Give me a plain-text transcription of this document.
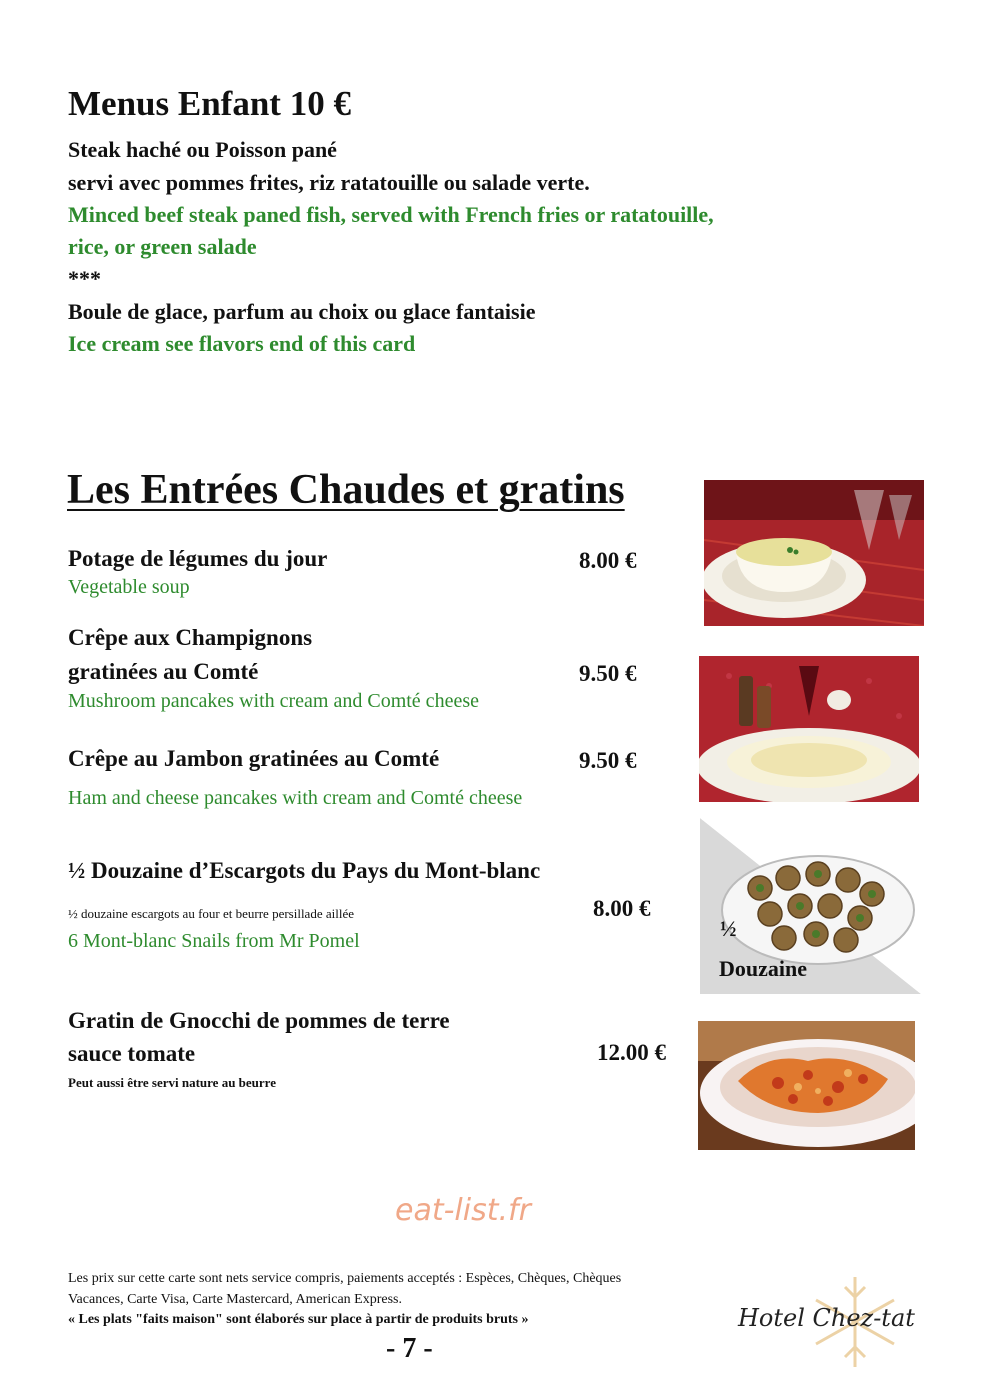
Menus Enfant 10 €
Steak haché ou Poisson pané
servi avec pommes frites, riz ratatouille ou salade verte.
Minced beef steak paned fish, served with French fries or ratatouille,
rice, or green salade
***
Boule de glace, parfum au choix ou glace fantaisie
Ice cream see flavors end of this card
Les Entrées Chaudes et gratins
Potage de légumes du jour
Vegetable soup
8.00 €
Crêpe aux Champignons
gratinées au Comté
Mushroom pancakes with cream and Comté cheese
9.50 €
Crêpe au Jambon gratinées au Comté
Ham and cheese pancakes with cream and Comté cheese
9.50 €
½ Douzaine d’Escargots du Pays du Mont-blanc
½ douzaine escargots au four et beurre persillade aillée
6 Mont-blanc Snails from Mr Pomel
8.00 €
Gratin de Gnocchi de pommes de terre
sauce tomate
Peut aussi être servi nature au beurre
12.00 €
½
Douzaine
eat-list.fr
Les prix sur cette carte sont nets service compris, paiements acceptés : Espèces, Chèques, Chèques
Vacances, Carte Visa, Carte Mastercard, American Express.
« Les plats "faits maison" sont élaborés sur place à partir de produits bruts »
- 7 -
Hotel Chez-tat
